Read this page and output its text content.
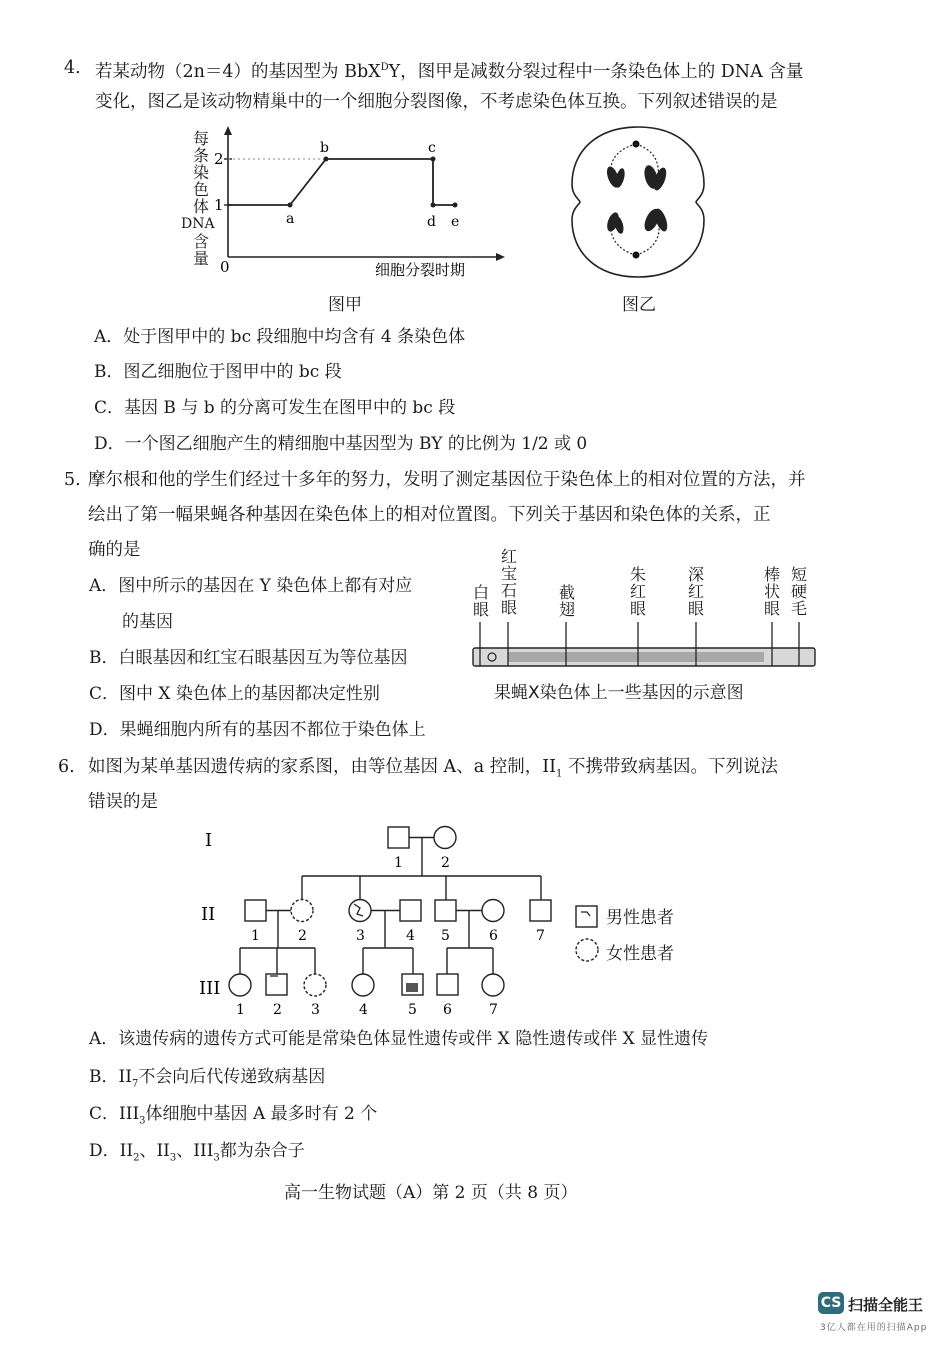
4. 若某动物（2n＝4）的基因型为 BbX$^D$Y，图甲是减数分裂过程中一条染色体上的 DNA 含量
变化，图乙是该动物精巢中的一个细胞分裂图像，不考虑染色体互换。下列叙述错误的是
2
1
0
a
b	c
d e
细胞分裂时期
每
条
染
色
体
DNA
含
量
图甲	图乙
A．处于图甲中的 bc 段细胞中均含有 4 条染色体
B．图乙细胞位于图甲中的 bc 段
C．基因 B 与 b 的分离可发生在图甲中的 bc 段
D．一个图乙细胞产生的精细胞中基因型为 BY 的比例为 1/2 或 0
5. 摩尔根和他的学生们经过十多年的努力，发明了测定基因位于染色体上的相对位置的方法，并
绘出了第一幅果蝇各种基因在染色体上的相对位置图。下列关于基因和染色体的关系，正
确的是
A．图中所示的基因在 Y 染色体上都有对应
的基因
B．白眼基因和红宝石眼基因互为等位基因
C．图中 X 染色体上的基因都决定性别
D．果蝇细胞内所有的基因不都位于染色体上
白
眼
红
宝
石
眼
截
翅
朱
红
眼
深
红
眼
棒
状
眼
短
硬
毛
果蝇X染色体上一些基因的示意图
6. 如图为某单基因遗传病的家系图，由等位基因 A、a 控制，$II_1$ 不携带致病基因。下列说法
错误的是
I
II
III
1	2
1	2	3	4 5	6	7
1 2 3	4	5 6	7
男性患者
女性患者
A．该遗传病的遗传方式可能是常染色体显性遗传或伴 X 隐性遗传或伴 X 显性遗传
B．$II_7$不会向后代传递致病基因
C．$III_3$体细胞中基因 A 最多时有 2 个
D．$II_2$、$II_3$、$III_3$都为杂合子
高一生物试题（A）第 2 页（共 8 页）
CS 扫描全能王
3亿人都在用的扫描App
